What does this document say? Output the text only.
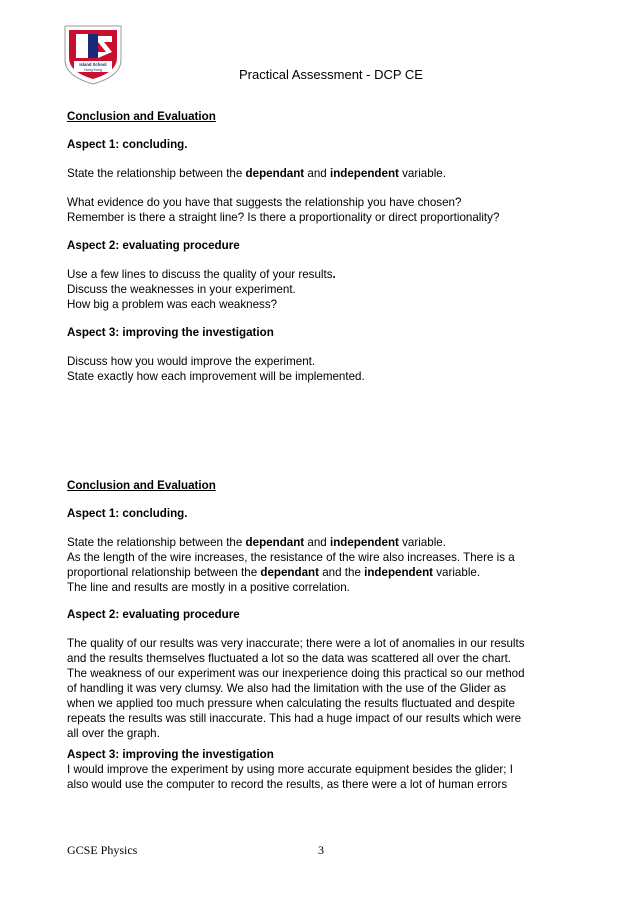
Island School
Hong Kong	Practical Assessment - DCP CE

Conclusion and Evaluation

Aspect 1: concluding.

State the relationship between the dependant and independent variable.

What evidence do you have that suggests the relationship you have chosen?

Remember is there a straight line? Is there a proportionality or direct proportionality?

Aspect 2: evaluating procedure

Use a few lines to discuss the quality of your results.

Discuss the weaknesses in your experiment.

How big a problem was each weakness?

Aspect 3: improving the investigation

Discuss how you would improve the experiment.

State exactly how each improvement will be implemented.

Conclusion and Evaluation

Aspect 1: concluding.

State the relationship between the dependant and independent variable.

As the length of the wire increases, the resistance of the wire also increases. There is a

proportional relationship between the dependant and the independent variable.

The line and results are mostly in a positive correlation.

Aspect 2: evaluating procedure

The quality of our results was very inaccurate; there were a lot of anomalies in our results

and the results themselves fluctuated a lot so the data was scattered all over the chart.

The weakness of our experiment was our inexperience doing this practical so our method

of handling it was very clumsy. We also had the limitation with the use of the Glider as

when we applied too much pressure when calculating the results fluctuated and despite

repeats the results was still inaccurate. This had a huge impact of our results which were

all over the graph.

Aspect 3: improving the investigation

I would improve the experiment by using more accurate equipment besides the glider; I

also would use the computer to record the results, as there were a lot of human errors

GCSE Physics	3
